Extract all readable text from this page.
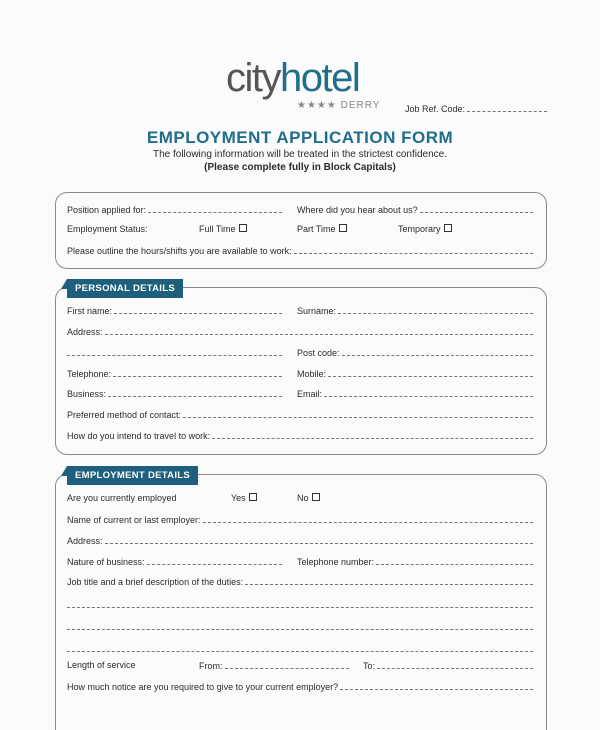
cityhotel
★★★★ DERRY	Job Ref. Code:
EMPLOYMENT APPLICATION FORM
The following information will be treated in the strictest confidence.
(Please complete fully in Block Capitals)
Position applied for:	Where did you hear about us?
Employment Status:	Full Time	Part Time	Temporary
Please outline the hours/shifts you are available to work:
PERSONAL DETAILS
First name:	Surname:
Address:
Post code:
Telephone:	Mobile:
Business:	Email:
Preferred method of contact:
How do you intend to travel to work:
EMPLOYMENT DETAILS
Are you currently employed	Yes	No
Name of current or last employer:
Address:
Nature of business:	Telephone number:
Job title and a brief description of the duties:
Length of service	From:	To:
How much notice are you required to give to your current employer?
